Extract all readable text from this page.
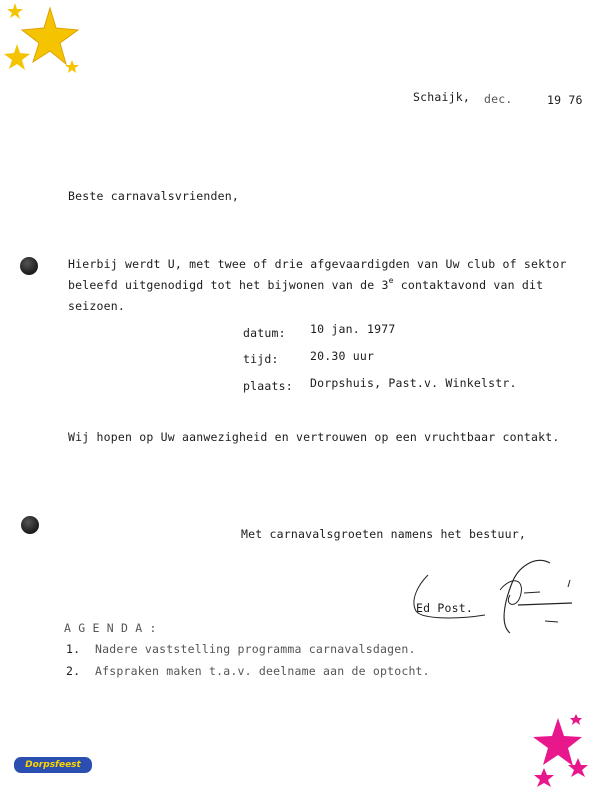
Schaijk, dec.	19 76
Beste carnavalsvrienden,
Hierbij werdt U, met twee of drie afgevaardigden van Uw club of sektor
beleefd uitgenodigd tot het bijwonen van de 3e contaktavond van dit
seizoen.
datum: 10 jan. 1977
tijd:	20.30 uur
plaats: Dorpshuis, Past.v. Winkelstr.
Wij hopen op Uw aanwezigheid en vertrouwen op een vruchtbaar contakt.
Met carnavalsgroeten namens het bestuur,
Ed Post.
A G E N D A :
1. Nadere vaststelling programma carnavalsdagen.
2. Afspraken maken t.a.v. deelname aan de optocht.
Dorpsfeest
